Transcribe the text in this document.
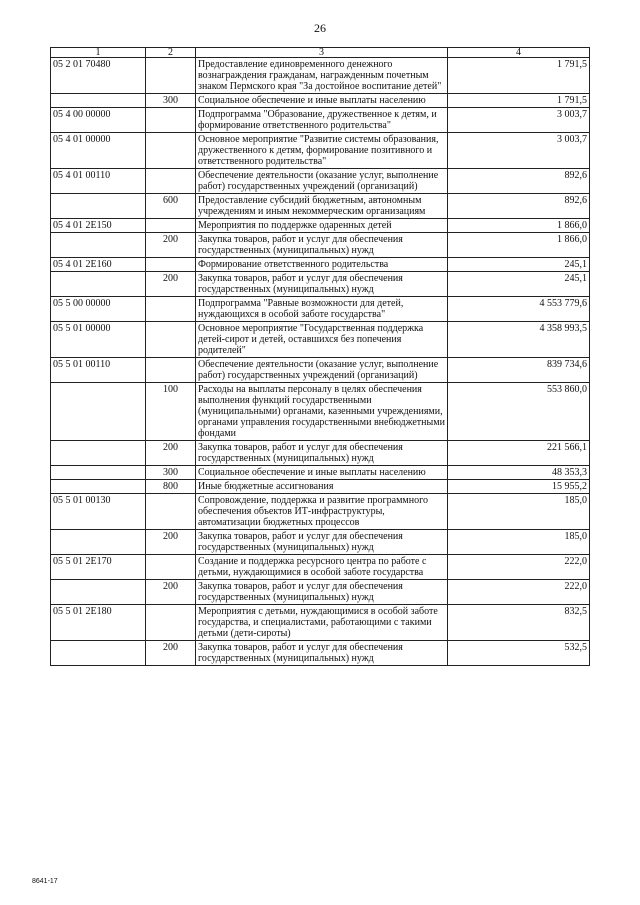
26
1	2	3	4
05 2 01 70480		Предоставление единовременного денежного вознаграждения гражданам, награжденным почетным знаком Пермского края "За достойное воспитание детей"	1 791,5
	300	Социальное обеспечение и иные выплаты населению	1 791,5
05 4 00 00000		Подпрограмма "Образование, дружественное к детям, и формирование ответственного родительства"	3 003,7
05 4 01 00000		Основное мероприятие "Развитие системы образования, дружественного к детям, формирование позитивного и ответственного родительства"	3 003,7
05 4 01 00110		Обеспечение деятельности (оказание услуг, выполнение работ) государственных учреждений (организаций)	892,6
	600	Предоставление субсидий бюджетным, автономным учреждениям и иным некоммерческим организациям	892,6
05 4 01 2Е150		Мероприятия по поддержке одаренных детей	1 866,0
	200	Закупка товаров, работ и услуг для обеспечения государственных (муниципальных) нужд	1 866,0
05 4 01 2Е160		Формирование ответственного родительства	245,1
	200	Закупка товаров, работ и услуг для обеспечения государственных (муниципальных) нужд	245,1
05 5 00 00000		Подпрограмма "Равные возможности для детей, нуждающихся в особой заботе государства"	4 553 779,6
05 5 01 00000		Основное мероприятие "Государственная поддержка детей-сирот и детей, оставшихся без попечения родителей"	4 358 993,5
05 5 01 00110		Обеспечение деятельности (оказание услуг, выполнение работ) государственных учреждений (организаций)	839 734,6
	100	Расходы на выплаты персоналу в целях обеспечения выполнения функций государственными (муниципальными) органами, казенными учреждениями, органами управления государственными внебюджетными фондами	553 860,0
	200	Закупка товаров, работ и услуг для обеспечения государственных (муниципальных) нужд	221 566,1
	300	Социальное обеспечение и иные выплаты населению	48 353,3
	800	Иные бюджетные ассигнования	15 955,2
05 5 01 00130		Сопровождение, поддержка и развитие программного обеспечения объектов ИТ-инфраструктуры, автоматизации бюджетных процессов	185,0
	200	Закупка товаров, работ и услуг для обеспечения государственных (муниципальных) нужд	185,0
05 5 01 2Е170		Создание и поддержка ресурсного центра по работе с детьми, нуждающимися в особой заботе государства	222,0
	200	Закупка товаров, работ и услуг для обеспечения государственных (муниципальных) нужд	222,0
05 5 01 2Е180		Мероприятия с детьми, нуждающимися в особой заботе государства, и специалистами, работающими с такими детьми (дети-сироты)	832,5
	200	Закупка товаров, работ и услуг для обеспечения государственных (муниципальных) нужд	532,5
8641-17
